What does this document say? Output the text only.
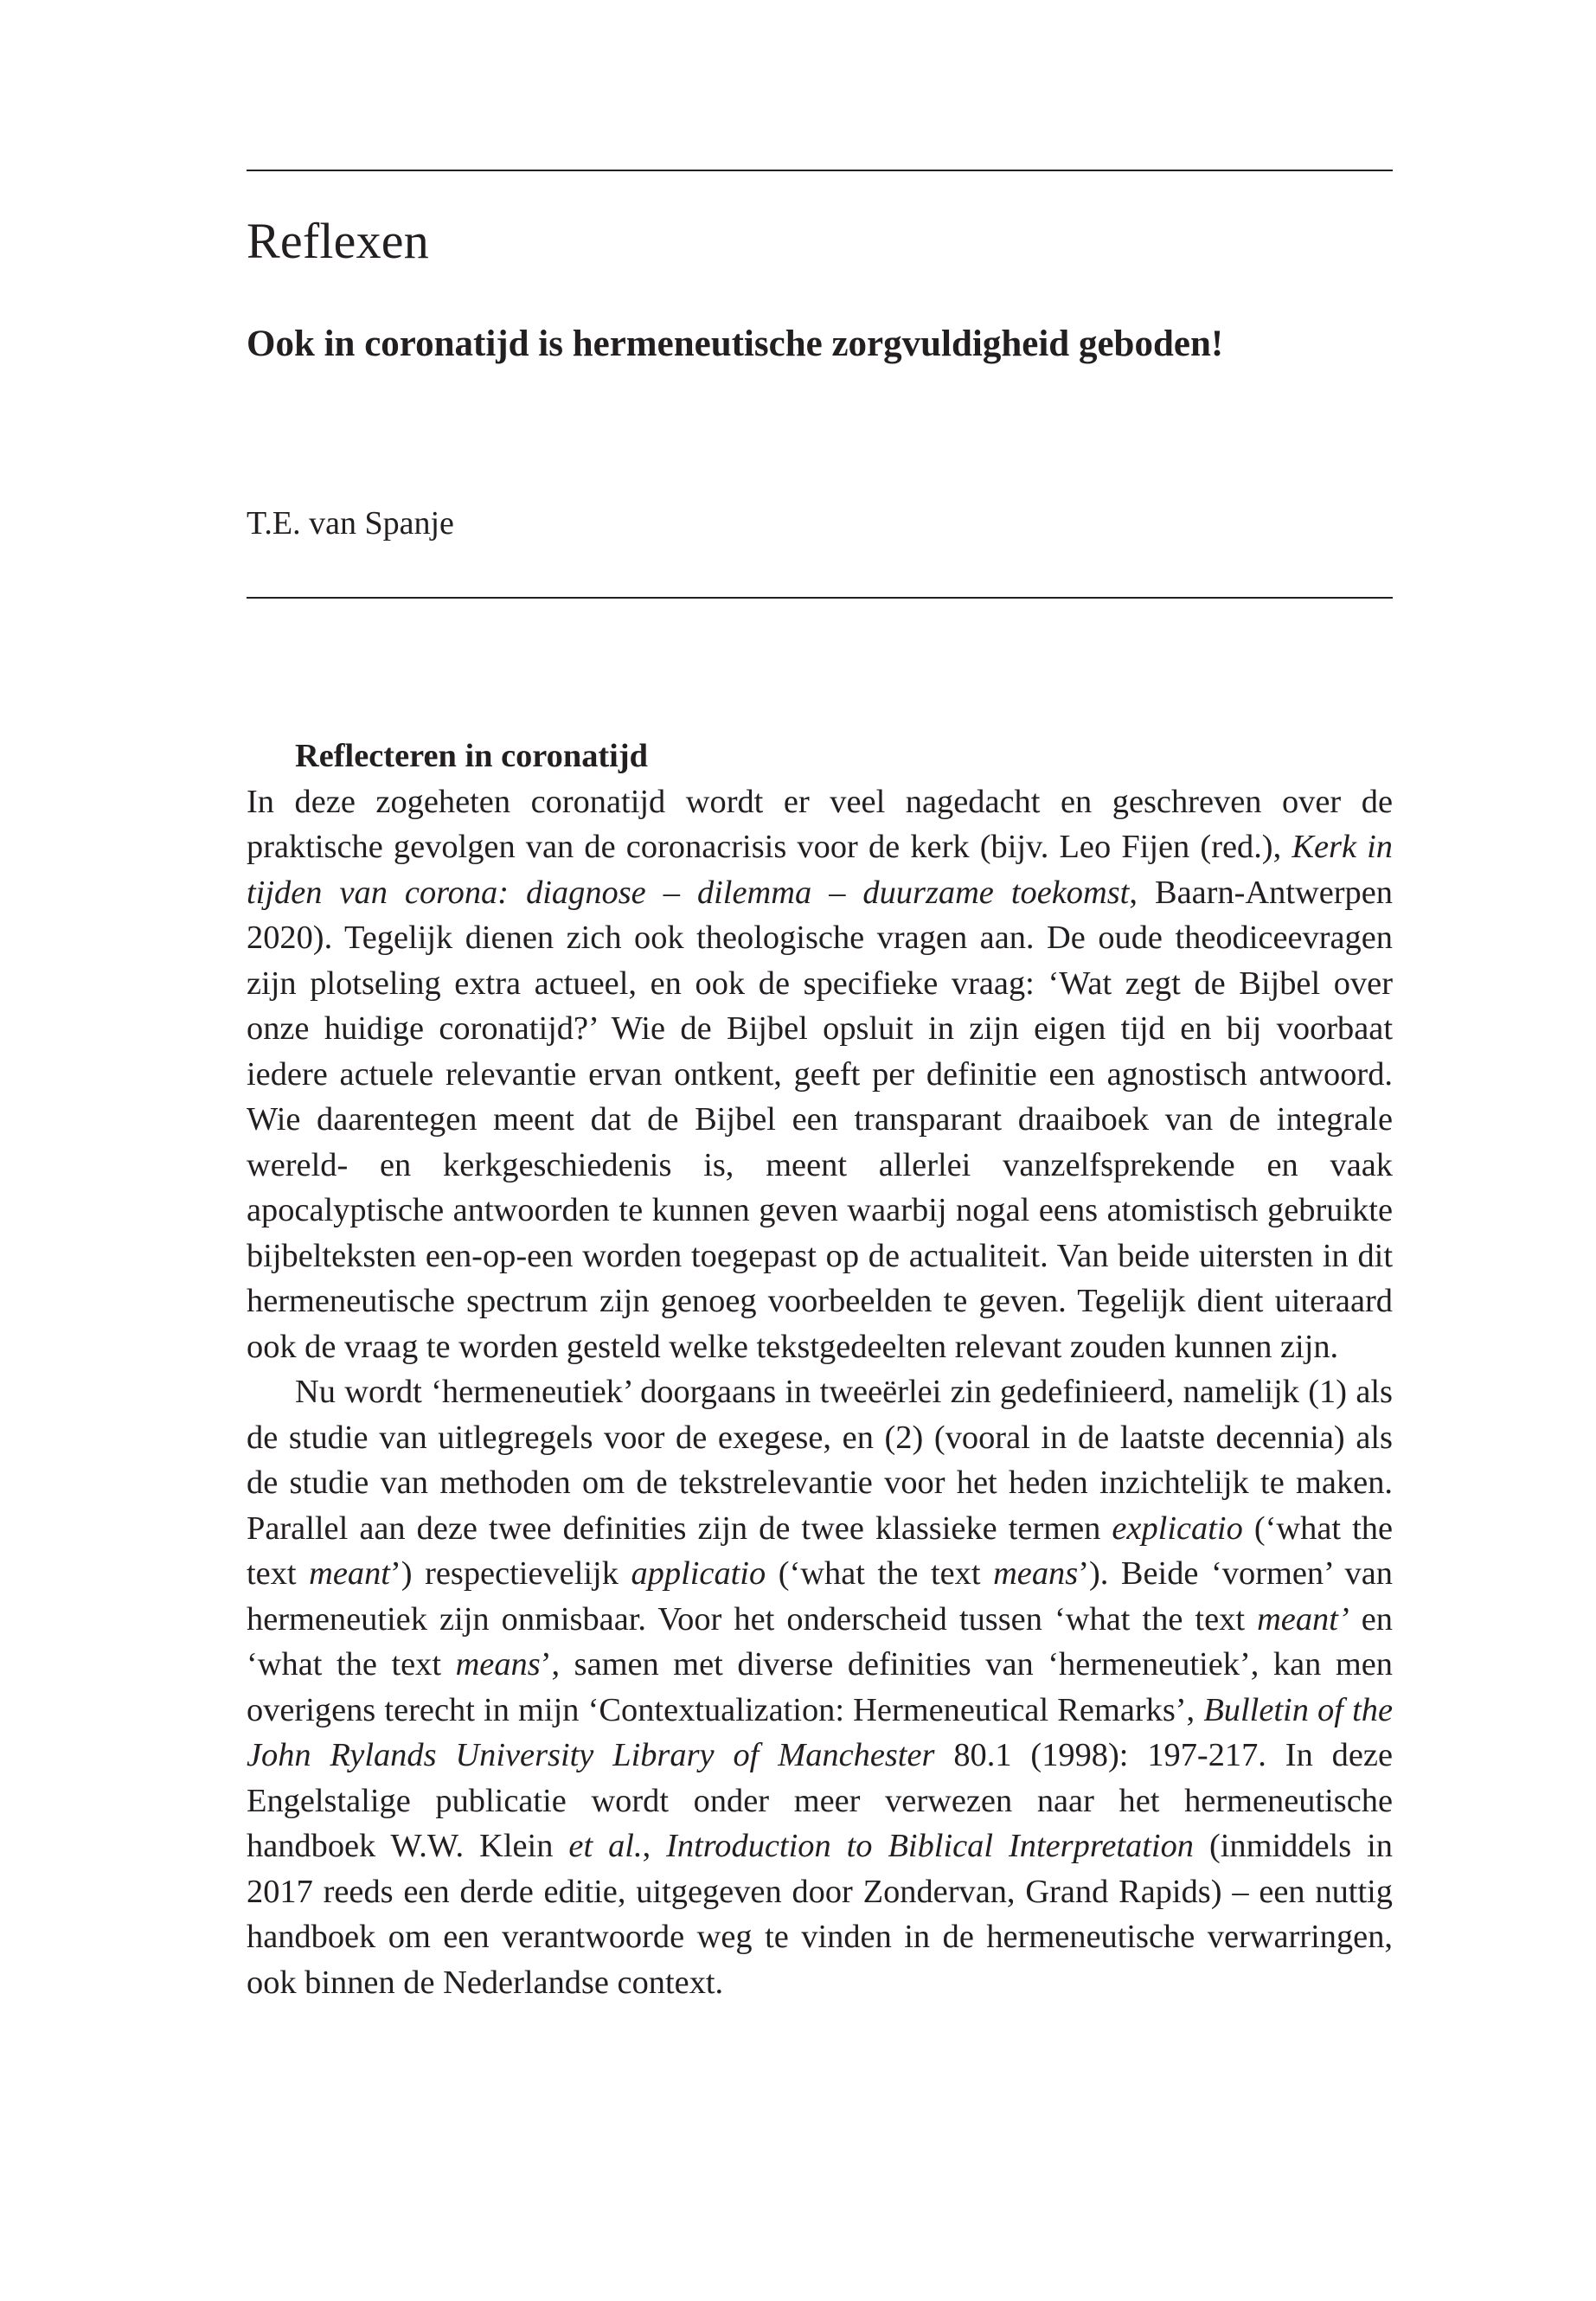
Reflexen
Ook in coronatijd is hermeneutische zorgvuldigheid geboden!

T.E. van Spanje

Reflecteren in coronatijd

In deze zogeheten coronatijd wordt er veel nagedacht en geschreven over de praktische gevolgen van de coronacrisis voor de kerk (bijv. Leo Fijen (red.), Kerk in tijden van corona: diagnose – dilemma – duurzame toekomst, Baarn-Antwerpen 2020). Tegelijk dienen zich ook theologische vragen aan. De oude theodiceevragen zijn plotseling extra actueel, en ook de specifieke vraag: ‘Wat zegt de Bijbel over onze huidige coronatijd?’ Wie de Bijbel opsluit in zijn eigen tijd en bij voorbaat iedere actuele relevantie ervan ontkent, geeft per definitie een agnostisch antwoord. Wie daarentegen meent dat de Bijbel een transparant draaiboek van de integrale wereld- en kerkgeschiedenis is, meent allerlei vanzelfsprekende en vaak apocalyptische antwoorden te kunnen geven waarbij nogal eens atomistisch gebruikte bijbelteksten een-op-een worden toegepast op de actualiteit. Van beide uitersten in dit hermeneutische spectrum zijn genoeg voorbeelden te geven. Tegelijk dient uiteraard ook de vraag te worden gesteld welke tekstgedeelten relevant zouden kunnen zijn.

Nu wordt ‘hermeneutiek’ doorgaans in tweeërlei zin gedefinieerd, namelijk (1) als de studie van uitlegregels voor de exegese, en (2) (vooral in de laatste decennia) als de studie van methoden om de tekstrelevantie voor het heden inzichtelijk te maken. Parallel aan deze twee definities zijn de twee klassieke termen explicatio (‘what the text meant’) respectievelijk applicatio (‘what the text means’). Beide ‘vormen’ van hermeneutiek zijn onmisbaar. Voor het onderscheid tussen ‘what the text meant’ en ‘what the text means’, samen met diverse definities van ‘hermeneutiek’, kan men overigens terecht in mijn ‘Contextualization: Hermeneutical Remarks’, Bulletin of the John Rylands University Library of Manchester 80.1 (1998): 197-217. In deze Engelstalige publicatie wordt onder meer verwezen naar het hermeneutische handboek W.W. Klein et al., Introduction to Biblical Interpretation (inmiddels in 2017 reeds een derde editie, uitgegeven door Zondervan, Grand Rapids) – een nuttig handboek om een verantwoorde weg te vinden in de hermeneutische verwarringen, ook binnen de Nederlandse context.
